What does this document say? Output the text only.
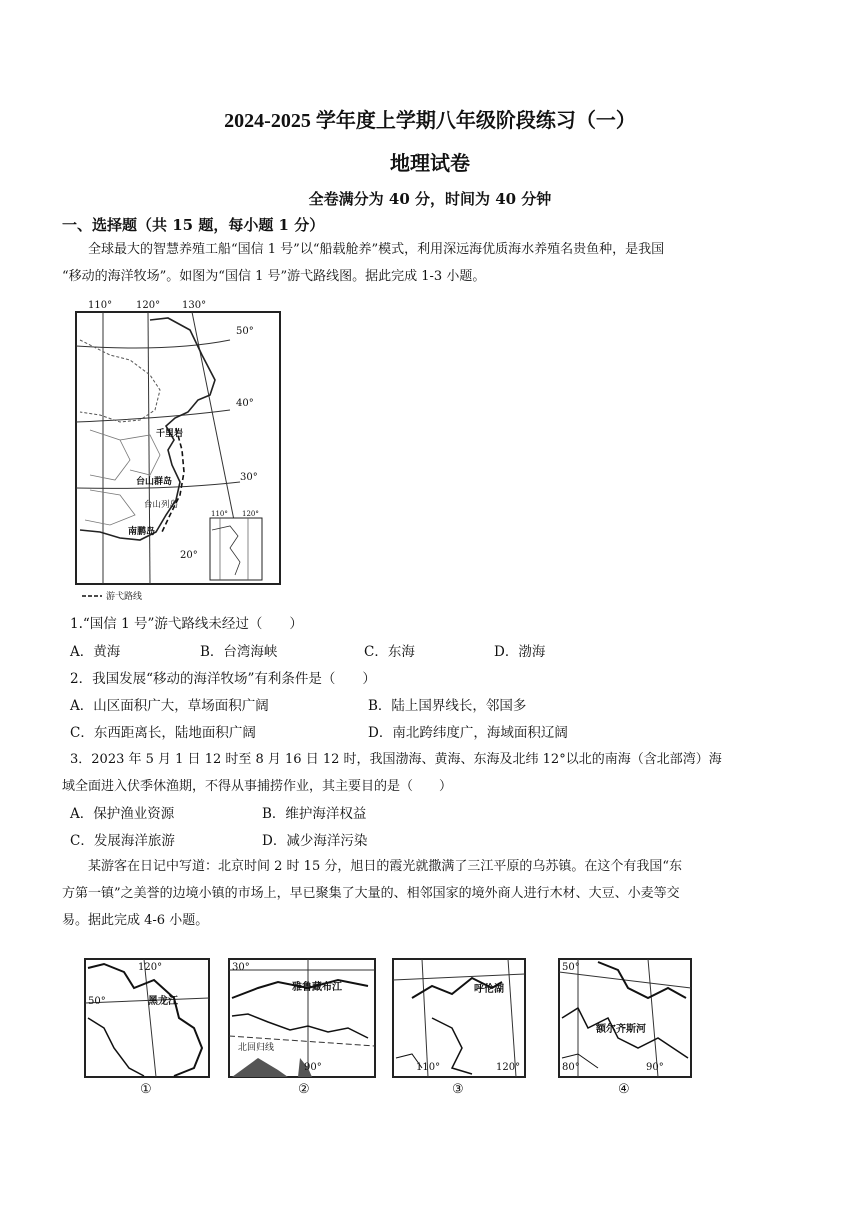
2024-2025 学年度上学期八年级阶段练习（一）
地理试卷
全卷满分为 40 分，时间为 40 分钟
一、选择题（共 15 题，每小题 1 分）
全球最大的智慧养殖工船“国信 1 号”以“船载舱养”模式，利用深远海优质海水养殖名贵鱼种，是我国
“移动的海洋牧场”。如图为“国信 1 号”游弋路线图。据此完成 1-3 小题。
110° 120° 130°
50°
40°
30°
20°
千里岩
台山群岛
台山列岛
南鹏岛
110° 120°
游弋路线
1.“国信 1 号”游弋路线未经过（　　）
A．黄海	B．台湾海峡	C．东海	D．渤海
2．我国发展“移动的海洋牧场”有利条件是（　　）
A．山区面积广大，草场面积广阔	B．陆上国界线长，邻国多
C．东西距离长，陆地面积广阔	D．南北跨纬度广，海域面积辽阔
3．2023 年 5 月 1 日 12 时至 8 月 16 日 12 时，我国渤海、黄海、东海及北纬 12°以北的南海（含北部湾）海
域全面进入伏季休渔期，不得从事捕捞作业，其主要目的是（　　）
A．保护渔业资源	B．维护海洋权益
C．发展海洋旅游	D．减少海洋污染
某游客在日记中写道：北京时间 2 时 15 分，旭日的霞光就撒满了三江平原的乌苏镇。在这个有我国“东
方第一镇”之美誉的边境小镇的市场上，早已聚集了大量的、相邻国家的境外商人进行木材、大豆、小麦等交
易。据此完成 4-6 小题。
120°
50°	黑龙江
①
30°
雅鲁藏布江
北回归线
90°
②
呼伦湖
110°	120°
③
50°
额尔齐斯河
80°	90°
④
